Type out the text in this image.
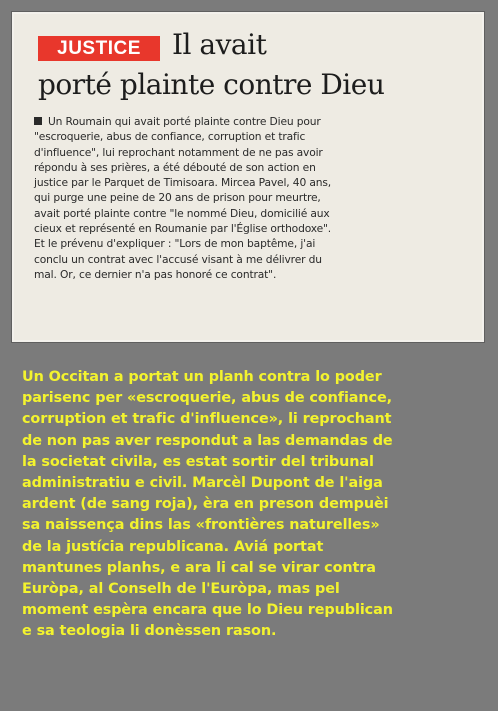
JUSTICE	Il avait
porté plainte contre Dieu
Un Roumain qui avait porté plainte contre Dieu pour
"escroquerie, abus de confiance, corruption et trafic
d'influence", lui reprochant notamment de ne pas avoir
répondu à ses prières, a été débouté de son action en
justice par le Parquet de Timisoara. Mircea Pavel, 40 ans,
qui purge une peine de 20 ans de prison pour meurtre,
avait porté plainte contre "le nommé Dieu, domicilié aux
cieux et représenté en Roumanie par l'Église orthodoxe".
Et le prévenu d'expliquer : "Lors de mon baptême, j'ai
conclu un contrat avec l'accusé visant à me délivrer du
mal. Or, ce dernier n'a pas honoré ce contrat".
Un Occitan a portat un planh contra lo poder
parisenc per «escroquerie, abus de confiance,
corruption et trafic d'influence», li reprochant
de non pas aver respondut a las demandas de
la societat civila, es estat sortir del tribunal
administratiu e civil. Marcèl Dupont de l'aiga
ardent (de sang roja), èra en preson dempuèi
sa naissença dins las «frontières naturelles»
de la justícia republicana. Aviá portat
mantunes planhs, e ara li cal se virar contra
Euròpa, al Conselh de l'Euròpa, mas pel
moment espèra encara que lo Dieu republican
e sa teologia li donèssen rason.
